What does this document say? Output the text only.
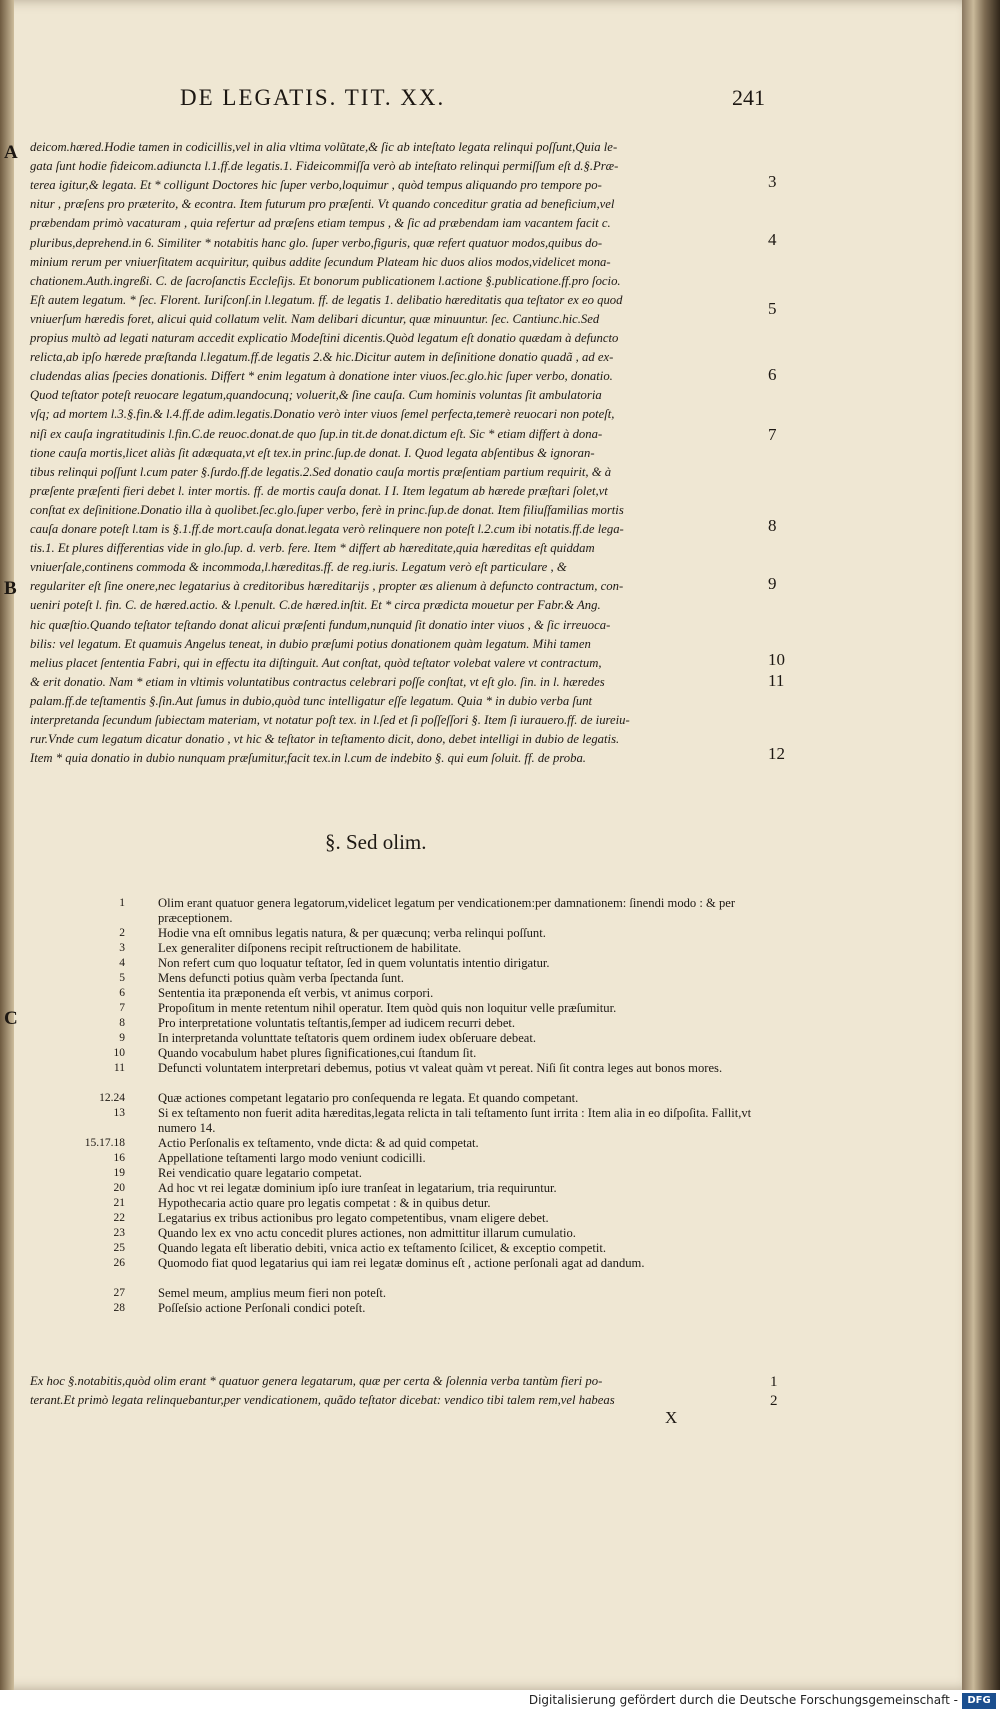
DE LEGATIS. TIT. XX.	241
A
B
C
deicom.hæred.Hodie tamen in codicillis,vel in alia vltima volũtate,& ſic ab inteſtato legata relinqui poſſunt,Quia le-
gata ſunt hodie fideicom.adiuncta l.1.ff.de legatis.1. Fideicommiſſa verò ab inteſtato relinqui permiſſum eſt d.§.Præ-
terea igitur,& legata. Et * colligunt Doctores hic ſuper verbo,loquimur , quòd tempus aliquando pro tempore po-
nitur , præſens pro præterito, & econtra. Item futurum pro præſenti. Vt quando conceditur gratia ad beneficium,vel
præbendam primò vacaturam , quia refertur ad præſens etiam tempus , & ſic ad præbendam iam vacantem facit c.
pluribus,deprehend.in 6. Similiter * notabitis hanc glo. ſuper verbo,figuris, quæ refert quatuor modos,quibus do-
minium rerum per vniuerſitatem acquiritur, quibus addite ſecundum Plateam hic duos alios modos,videlicet mona-
chationem.Auth.ingreßi. C. de ſacroſanctis Eccleſijs. Et bonorum publicationem l.actione §.publicatione.ff.pro ſocio.
Eſt autem legatum. * ſec. Florent. Iuriſconſ.in l.legatum. ff. de legatis 1. delibatio hæreditatis qua teſtator ex eo quod
vniuerſum hæredis foret, alicui quid collatum velit. Nam delibari dicuntur, quæ minuuntur. ſec. Cantiunc.hic.Sed
propius multò ad legati naturam accedit explicatio Modeſtini dicentis.Quòd legatum eſt donatio quædam à defuncto
relicta,ab ipſo hærede præſtanda l.legatum.ff.de legatis 2.& hic.Dicitur autem in deſinitione donatio quadã , ad ex-
cludendas alias ſpecies donationis. Differt * enim legatum à donatione inter viuos.ſec.glo.hic ſuper verbo, donatio.
Quod teſtator poteſt reuocare legatum,quandocunq; voluerit,& ſine cauſa. Cum hominis voluntas ſit ambulatoria
vſq; ad mortem l.3.§.fin.& l.4.ff.de adim.legatis.Donatio verò inter viuos ſemel perfecta,temerè reuocari non poteſt,
niſi ex cauſa ingratitudinis l.fin.C.de reuoc.donat.de quo ſup.in tit.de donat.dictum eſt. Sic * etiam differt à dona-
tione cauſa mortis,licet aliàs ſit adæquata,vt eſt tex.in princ.ſup.de donat. I. Quod legata abſentibus & ignoran-
tibus relinqui poſſunt l.cum pater §.ſurdo.ff.de legatis.2.Sed donatio cauſa mortis præſentiam partium requirit, & à
præſente præſenti fieri debet l. inter mortis. ff. de mortis cauſa donat. I I. Item legatum ab hærede præſtari ſolet,vt
conſtat ex deſinitione.Donatio illa à quolibet.ſec.glo.ſuper verbo, ferè in princ.ſup.de donat. Item filiuſfamilias mortis
cauſa donare poteſt l.tam is §.1.ff.de mort.cauſa donat.legata verò relinquere non poteſt l.2.cum ibi notatis.ff.de lega-
tis.1. Et plures differentias vide in glo.ſup. d. verb. fere. Item * differt ab hæreditate,quia hæreditas eſt quiddam
vniuerſale,continens commoda & incommoda,l.hæreditas.ff. de reg.iuris. Legatum verò eſt particulare , &
regulariter eſt ſine onere,nec legatarius à creditoribus hæreditarijs , propter æs alienum à defuncto contractum, con-
ueniri poteſt l. fin. C. de hæred.actio. & l.penult. C.de hæred.inſtit. Et * circa prædicta mouetur per Fabr.& Ang.
hic quæſtio.Quando teſtator teſtando donat alicui præſenti fundum,nunquid ſit donatio inter viuos , & ſic irreuoca-
bilis: vel legatum. Et quamuis Angelus teneat, in dubio præſumi potius donationem quàm legatum. Mihi tamen
melius placet ſententia Fabri, qui in effectu ita diſtinguit. Aut conſtat, quòd teſtator volebat valere vt contractum,
& erit donatio. Nam * etiam in vltimis voluntatibus contractus celebrari poſſe conſtat, vt eſt glo. ſin. in l. hæredes
palam.ff.de teſtamentis §.ſin.Aut ſumus in dubio,quòd tunc intelligatur eſſe legatum. Quia * in dubio verba ſunt
interpretanda ſecundum ſubiectam materiam, vt notatur poſt tex. in l.ſed et ſi poſſeſſori §. Item ſi iurauero.ff. de iureiu-
rur.Vnde cum legatum dicatur donatio , vt hic & teſtator in teſtamento dicit, dono, debet intelligi in dubio de legatis.
Item * quia donatio in dubio nunquam præſumitur,facit tex.in l.cum de indebito §. qui eum ſoluit. ff. de proba.
3
4
5
6
7
8
9
10
11
12
§. Sed olim.
1	Olim erant quatuor genera legatorum,videlicet legatum per vendicationem:per damnationem: ſinendi modo : & per præceptionem.
2	Hodie vna eſt omnibus legatis natura, & per quæcunq; verba relinqui poſſunt.
3	Lex generaliter diſponens recipit reſtructionem de habilitate.
4	Non refert cum quo loquatur teſtator, ſed in quem voluntatis intentio dirigatur.
5	Mens defuncti potius quàm verba ſpectanda ſunt.
6	Sententia ita præponenda eſt verbis, vt animus corpori.
7	Propoſitum in mente retentum nihil operatur. Item quòd quis non loquitur velle præſumitur.
8	Pro interpretatione voluntatis teſtantis,ſemper ad iudicem recurri debet.
9	In interpretanda volunttate teſtatoris quem ordinem iudex obſeruare debeat.
10	Quando vocabulum habet plures ſignificationes,cui ſtandum ſit.
11	Defuncti voluntatem interpretari debemus, potius vt valeat quàm vt pereat. Niſi ſit contra leges aut bonos mores.
12.24	Quæ actiones competant legatario pro conſequenda re legata. Et quando competant.
13	Si ex teſtamento non fuerit adita hæreditas,legata relicta in tali teſtamento ſunt irrita : Item alia in eo diſpoſita. Fallit,vt numero 14.
15.17.18	Actio Perſonalis ex teſtamento, vnde dicta: & ad quid competat.
16	Appellatione teſtamenti largo modo veniunt codicilli.
19	Rei vendicatio quare legatario competat.
20	Ad hoc vt rei legatæ dominium ipſo iure tranſeat in legatarium, tria requiruntur.
21	Hypothecaria actio quare pro legatis competat : & in quibus detur.
22	Legatarius ex tribus actionibus pro legato competentibus, vnam eligere debet.
23	Quando lex ex vno actu concedit plures actiones, non admittitur illarum cumulatio.
25	Quando legata eſt liberatio debiti, vnica actio ex teſtamento ſcilicet, & exceptio competit.
26	Quomodo fiat quod legatarius qui iam rei legatæ dominus eſt , actione perſonali agat ad dandum.
27	Semel meum, amplius meum fieri non poteſt.
28	Poſſeſsio actione Perſonali condici poteſt.
Ex hoc §.notabitis,quòd olim erant * quatuor genera legatarum, quæ per certa & ſolennia verba tantùm fieri po-
terant.Et primò legata relinquebantur,per vendicationem, quãdo teſtator dicebat: vendico tibi talem rem,vel habeas
1
2
X
Digitalisierung gefördert durch die Deutsche Forschungsgemeinschaft - DFG
